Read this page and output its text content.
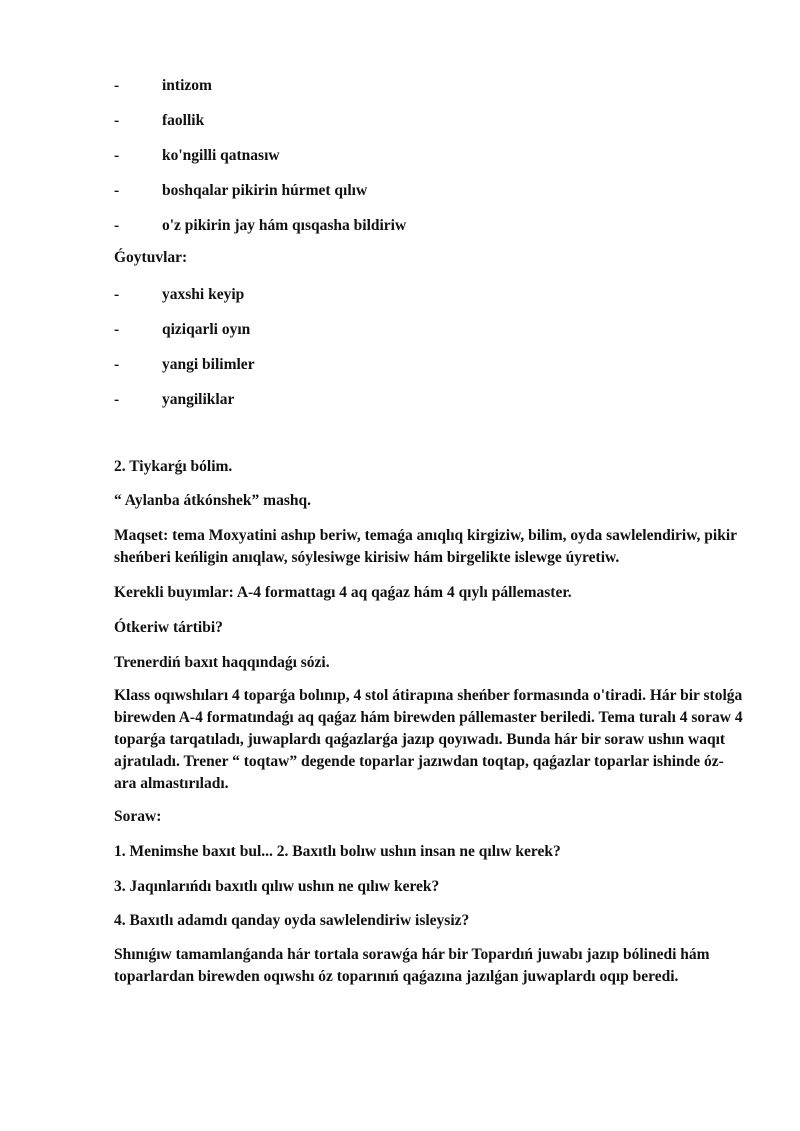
-	intizom
-	faollik
-	ko'ngilli qatnasıw
-	boshqalar pikirin húrmet qılıw
-	o'z pikirin jay hám qısqasha bildiriw

Ǵoytuvlar:

-	yaxshi keyip
-	qiziqarli oyın
-	yangi bilimler
-	yangiliklar

2. Tiykarǵı bólim.

“ Aylanba átkónshek” mashq.

Maqset: tema Moxyatini ashıp beriw, temaǵa anıqlıq kirgiziw, bilim, oyda sawlelendiriw, pikir sheńberi keńligin anıqlaw, sóylesiwge kirisiw hám birgelikte islewge úyretiw.

Kerekli buyımlar: A-4 formattagı 4 aq qaǵaz hám 4 qıylı pállemaster.

Ótkeriw tártibi?

Trenerdiń baxıt haqqındaǵı sózi.

Klass oqıwshıları 4 toparǵa bolınıp, 4 stol átirapına sheńber formasında o'tiradi. Hár bir stolǵa birewden A-4 formatındaǵı aq qaǵaz hám birewden pállemaster beriledi. Tema turalı 4 soraw 4 toparǵa tarqatıladı, juwaplardı qaǵazlarǵa jazıp qoyıwadı. Bunda hár bir soraw ushın waqıt ajratıladı. Trener “ toqtaw” degende toparlar jazıwdan toqtap, qaǵazlar toparlar ishinde óz-ara almastırıladı.

Soraw:

1. Menimshe baxıt bul... 2. Baxıtlı bolıw ushın insan ne qılıw kerek?

3. Jaqınlarıńdı baxıtlı qılıw ushın ne qılıw kerek?

4. Baxıtlı adamdı qanday oyda sawlelendiriw isleysiz?

Shınıǵıw tamamlanǵanda hár tortala sorawǵa hár bir Topardıń juwabı jazıp bólinedi hám toparlardan birewden oqıwshı óz toparınıń qaǵazına jazılǵan juwaplardı oqıp beredi.
